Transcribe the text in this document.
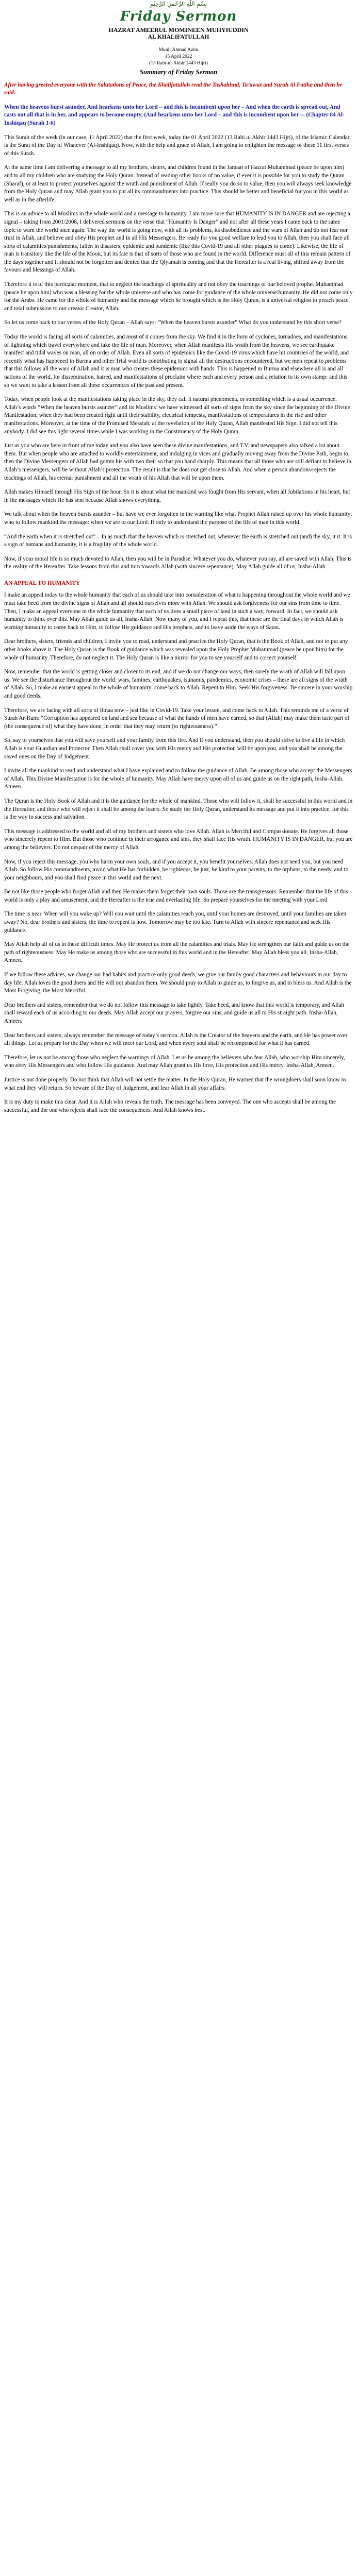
بِسْمِ اللّٰهِ الرَّحْمٰنِ الرَّحِيْمِ
Friday Sermon
HAZRAT AMEERUL MOMINEEN MUHYIUDDIN
AL KHALIFATULLAH
Munir Ahmad Azim
15 April 2022
(13 Rabi-ul-Akhir 1443 Hijri)
Summary of Friday Sermon

After having greeted everyone with the Salutations of Peace, the Khalifatullah read the Tashahhud, Ta’awuz and Surah Al Fatiha and then he said:

When the heavens burst asunder, And hearkens unto her Lord – and this is incumbent upon her – And when the earth is spread out, And casts out all that is in her, and appears to become empty, (And hearkens unto her Lord – and this is incumbent upon her –. (Chapter 84 Al-Inshiqaq (Surah 1-6)

This Surah of the week (in our case, 11 April 2022) that the first week, today the 01 April 2022 (13 Rabi ul Akhir 1443 Hijri), of the Islamic Calendar, is the Surat of the Day of Whatever (Al-Inshiqaq). Now, with the help and grace of Allah, I am going to enlighten the message of these 11 first verses of this Surah.

At the same time I am delivering a message to all my brothers, sisters, and children found in the Jamaat of Hazrat Muhammad (peace be upon him) and to all my children who are studying the Holy Quran. Instead of reading other books of no value, if ever it is possible for you to study the Quran (Sharaf), or at least to protect yourselves against the wrath and punishment of Allah. If really you do so to value, then you will always seek knowledge from the Holy Quran and may Allah grant you to put all its commandments into practice. This should be better and beneficial for you in this world as well as in the afterlife.

This is an advice to all Muslims in the whole world and a message to humanity. I am more sure that HUMANITY IS IN DANGER and are rejecting a signal – taking from 2001/2008, I delivered sermons on the verse that “Humanity Is Danger” and not after all these years I came back to the same topic to warn the world once again. The way the world is going now, with all its problems, its disobedience and the wars of Allah and do not fear nor trust in Allah, and believe and obey His prophet and in all His Messengers. Be ready for you good welfare to lead you to Allah, then you shall face all sorts of calamities/punishments, fallen in disasters, epidemic and pandemic (like this Covid-19 and all other plagues to come). Likewise, the life of man is transitory like the life of the Moon, but its fate is that of sorts of those who are found in the world. Difference must all of this remain pattern of the days together and it should not be forgotten and denied that the Qiyamah is coming and that the Hereafter is a real living, shifted away from the favours and blessings of Allah.

Therefore it is of this particular moment, that to neglect the teachings of spirituality and not obey the teachings of our beloved prophet Muhammad (peace be upon him) who was a blessing for the whole universe and who has come for guidance of the whole universe/humanity. He did not come only for the Arabs. He came for the whole of humanity and the message which he brought which is the Holy Quran, is a universal religion to preach peace and total submission to our creator Creator, Allah.

So let us come back to our verses of the Holy Quran – Allah says: “When the heaven bursts asunder” What do you understand by this short verse?

Today the world is facing all sorts of calamities, and most of it comes from the sky. We find it in the form of cyclones, tornadoes, and manifestations of lightning which travel everywhere and take the life of man. Moreover, when Allah manifests His wrath from the heavens, we see earthquake manifest and tidal waves on man, all on order of Allah. Even all sorts of epidemics like the Covid-19 virus which have hit countries of the world, and recently what has happened in Burma and other Trial world is contributing to signal all the destructions encountered, but we men repeat to problems that this follows all the wars of Allah and it is man who creates these epidemics with hands. This is happened in Burma and elsewhere all is and all nations of the world, for dissemination, hatred, and manifestations of proclaim where each and every person and a relation to its own stamp: and this so we want to take a lesson from all these occurrences of the past and present.

Today, when people look at the manifestations taking place in the sky, they call it natural phenomena, or something which is a usual occurrence. Allah’s words “When the heaven bursts asunder” and its Muslims’ we have witnessed all sorts of signs from the sky since the beginning of the Divine Manifestation, when they had been created right until their stability, electrical tempests, manifestations of temperatures in the rise and other manifestations. Moreover, at the time of the Promised Messiah, at the revelation of the Holy Quran, Allah manifested His Sign. I did not tell this anybody. I did see this light several times while I was working in the Constituency of the Holy Quran.

Just as you who are here in front of me today and you also have seen these divine manifestations, and T.V. and newspapers also talked a lot about them. But when people who are attached to worldly entertainment, and indulging in vices and gradually moving away from the Divine Path, begin to, then the Divine Messengers of Allah had gotten his with two their so that you hand sharply. This means that all those who are still defiant to believe in Allah’s messengers, will be without Allah’s protection. The result is that he does not get close to Allah. And when a person abandons/rejects the teachings of Allah, his eternal punishment and all the wrath of his Allah that will be upon them.

Allah makes Himself through His Sign of the hour. So it is about what the mankind was fought from His servant, when all Jubilations in his heart, but in the messages which He has sent because Allah shows everything.

We talk about when the heaven bursts asunder – but have we ever forgotten in the warning like what Prophet Allah raised up over his whole humanity; who to follow mankind the message: when we are to our Lord. If only to understand the purpose of the life of man in this world.

“And the earth when it is stretched out” – In as much that the heaven which is stretched out, whenever the earth is stretched out (and) the sky, it it. It is a sign of humans and humanity, it is a fragility of the whole world.

Now, if your moral life is so much devoted to Allah, then you will be in Paradise. Whatever you do, whatever you say, all are saved with Allah. This is the reality of the Hereafter. Take lessons from this and turn towards Allah (with sincere repentance). May Allah guide all of us, Insha-Allah.

AN APPEAL TO HUMANITY

I make an appeal today to the whole humanity that each of us should take into consideration of what is happening throughout the whole world and we must take heed from the divine signs of Allah and all should ourselves more with Allah. We should ask forgiveness for our sins from time to time. Then, I make an appeal everyone in the whole humanity that each of us lives a small piece of land in such a way, forward. In fact, we should ask humanity to think over this. May Allah guide us all, Insha-Allah. Now many of you, and I repeat this, that these are the final days in which Allah is warning humanity to come back to Him, to follow His guidance and His prophets, and to leave aside the ways of Satan.

Dear brothers, sisters, friends and children, I invite you to read, understand and practice the Holy Quran, that is the Book of Allah, and not to put any other books above it. The Holy Quran is the Book of guidance which was revealed upon the Holy Prophet Muhammad (peace be upon him) for the whole of humanity. Therefore, do not neglect it. The Holy Quran is like a mirror for you to see yourself and to correct yourself.

Now, remember that the world is getting closer and closer to its end, and if we do not change our ways, then surely the wrath of Allah will fall upon us. We see the disturbance throughout the world: wars, famines, earthquakes, tsunamis, pandemics, economic crises – these are all signs of the wrath of Allah. So, I make an earnest appeal to the whole of humanity: come back to Allah. Repent to Him. Seek His forgiveness. Be sincere in your worship and good deeds.

Therefore, we are facing with all sorts of fitnaa now – just like in Covid-19. Take your lesson, and come back to Allah. This reminds me of a verse of Surah Ar-Rum: “Corruption has appeared on land and sea because of what the hands of men have earned, so that (Allah) may make them taste part of (the consequence of) what they have done, in order that they may return (to righteousness).”

So, say to yourselves that you will save yourself and your family from this fire. And if you understand, then you should strive to live a life in which Allah is your Guardian and Protector. Then Allah shall cover you with His mercy and His protection will be upon you, and you shall be among the saved ones on the Day of Judgement.

I invite all the mankind to read and understand what I have explained and to follow the guidance of Allah. Be among those who accept the Messengers of Allah. This Divine Manifestation is for the whole of humanity. May Allah have mercy upon all of us and guide us on the right path, Insha-Allah. Ameen.

The Quran is the Holy Book of Allah and it is the guidance for the whole of mankind. Those who will follow it, shall be successful in this world and in the Hereafter, and those who will reject it shall be among the losers. So study the Holy Quran, understand its message and put it into practice, for this is the way to success and salvation.

This message is addressed to the world and all of my brothers and sisters who love Allah. Allah is Merciful and Compassionate. He forgives all those who sincerely repent to Him. But those who continue in their arrogance and sins, they shall face His wrath. HUMANITY IS IN DANGER, but you are among the believers. Do not despair of the mercy of Allah.

Now, if you reject this message, you who harm your own souls, and if you accept it, you benefit yourselves. Allah does not need you, but you need Allah. So follow His commandments, avoid what He has forbidden, be righteous, be just, be kind to your parents, to the orphans, to the needy, and to your neighbours, and you shall find peace in this world and the next.

Be not like those people who forget Allah and then He makes them forget their own souls. Those are the transgressors. Remember that the life of this world is only a play and amusement, and the Hereafter is the true and everlasting life. So prepare yourselves for the meeting with your Lord.

The time is near. When will you wake up? Will you wait until the calamities reach you, until your homes are destroyed, until your families are taken away? No, dear brothers and sisters, the time to repent is now. Tomorrow may be too late. Turn to Allah with sincere repentance and seek His guidance.

May Allah help all of us in these difficult times. May He protect us from all the calamities and trials. May He strengthen our faith and guide us on the path of righteousness. May He make us among those who are successful in this world and in the Hereafter. May Allah bless you all, Insha-Allah, Ameen.

If we follow these advices, we change our bad habits and practice only good deeds, we give our family good characters and behaviours in our day to day life. Allah loves the good doers and He will not abandon them. We should pray to Allah to guide us, to forgive us, and to bless us. And Allah is the Most Forgiving, the Most Merciful.

Dear brothers and sisters, remember that we do not follow this message to take lightly. Take heed, and know that this world is temporary, and Allah shall reward each of us according to our deeds. May Allah accept our prayers, forgive our sins, and guide us all to His straight path. Insha-Allah, Ameen.

Dear brothers and sisters, always remember the message of today’s sermon. Allah is the Creator of the heavens and the earth, and He has power over all things. Let us prepare for the Day when we will meet our Lord, and when every soul shall be recompensed for what it has earned.

Therefore, let us not be among those who neglect the warnings of Allah. Let us be among the believers who fear Allah, who worship Him sincerely, who obey His Messengers and who follow His guidance. And may Allah grant us His love, His protection and His mercy. Insha-Allah, Ameen.

Justice is not done properly. Do not think that Allah will not settle the matter. In the Holy Quran, He warned that the wrongdoers shall soon know to what end they will return. So beware of the Day of Judgement, and fear Allah in all your affairs.

It is my duty to make this clear. And it is Allah who reveals the truth. The message has been conveyed. The one who accepts shall be among the successful, and the one who rejects shall face the consequences. And Allah knows best.
